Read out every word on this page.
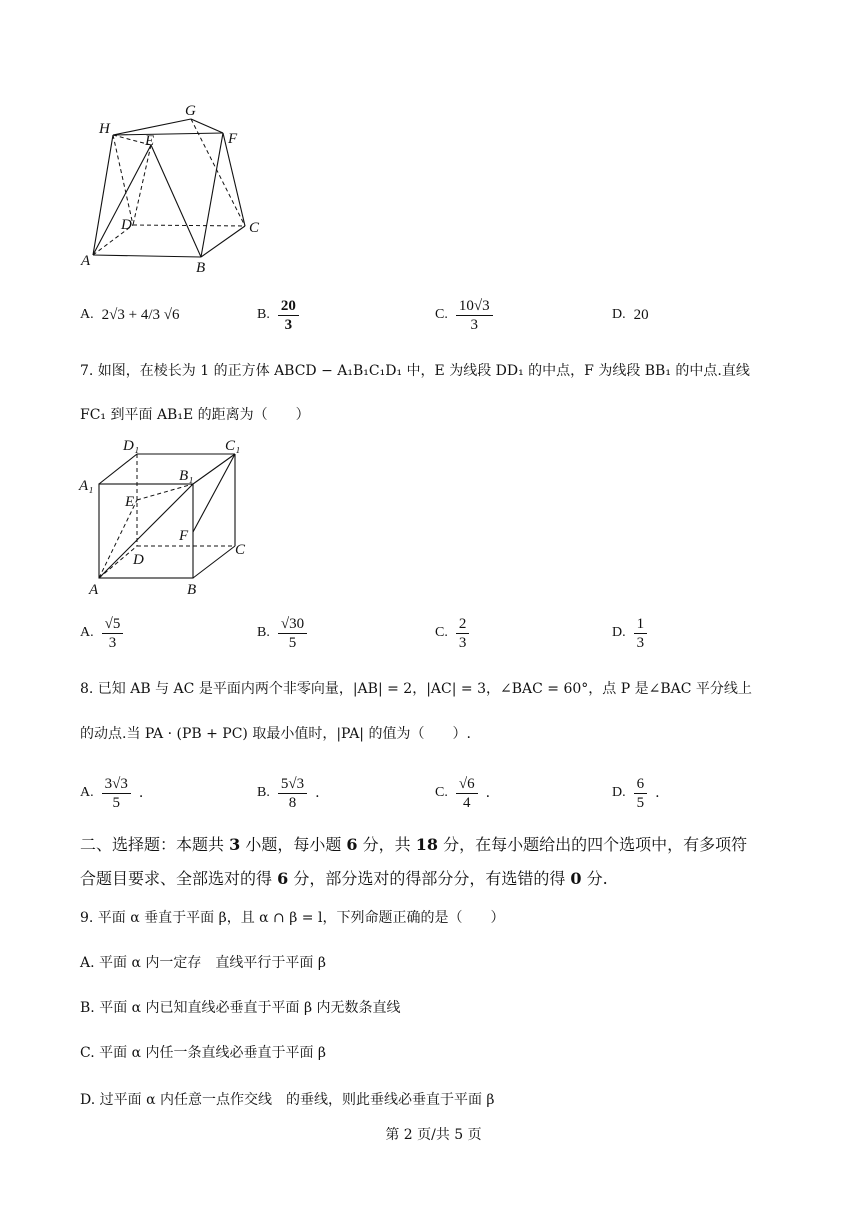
H
G
E	F
D	C
A	B
A. 2√3 + 4/3 √6	B. $\frac{20}{3}$	C. $\frac{10√3}{3}$	D. 20
7. 如图，在棱长为 1 的正方体 ABCD − A₁B₁C₁D₁ 中，E 为线段 DD₁ 的中点，F 为线段 BB₁ 的中点.直线
FC₁ 到平面 AB₁E 的距离为（　　）
D₁	C₁
A₁
B₁
E
F
D
C
A	B
A. $\frac{√5}{3}$	B. $\frac{√30}{5}$	C. $\frac{2}{3}$	D. $\frac{1}{3}$
8. 已知 AB 与 AC 是平面内两个非零向量，|AB| = 2，|AC| = 3，∠BAC = 60°，点 P 是∠BAC 平分线上
的动点.当 PA · (PB + PC) 取最小值时，|PA| 的值为（　　）.
A. $\frac{3√3}{5}$ .	B. $\frac{5√3}{8}$ .	C. $\frac{√6}{4}$ .	D. $\frac{6}{5}$ .
二、选择题：本题共 3 小题，每小题 6 分，共 18 分，在每小题给出的四个选项中，有多项符
合题目要求、全部选对的得 6 分，部分选对的得部分分，有选错的得 0 分.
9. 平面 α 垂直于平面 β，且 α ∩ β = l，下列命题正确的是（　　）
A. 平面 α 内一定存　直线平行于平面 β
B. 平面 α 内已知直线必垂直于平面 β 内无数条直线
C. 平面 α 内任一条直线必垂直于平面 β
D. 过平面 α 内任意一点作交线　的垂线，则此垂线必垂直于平面 β
第 2 页/共 5 页
